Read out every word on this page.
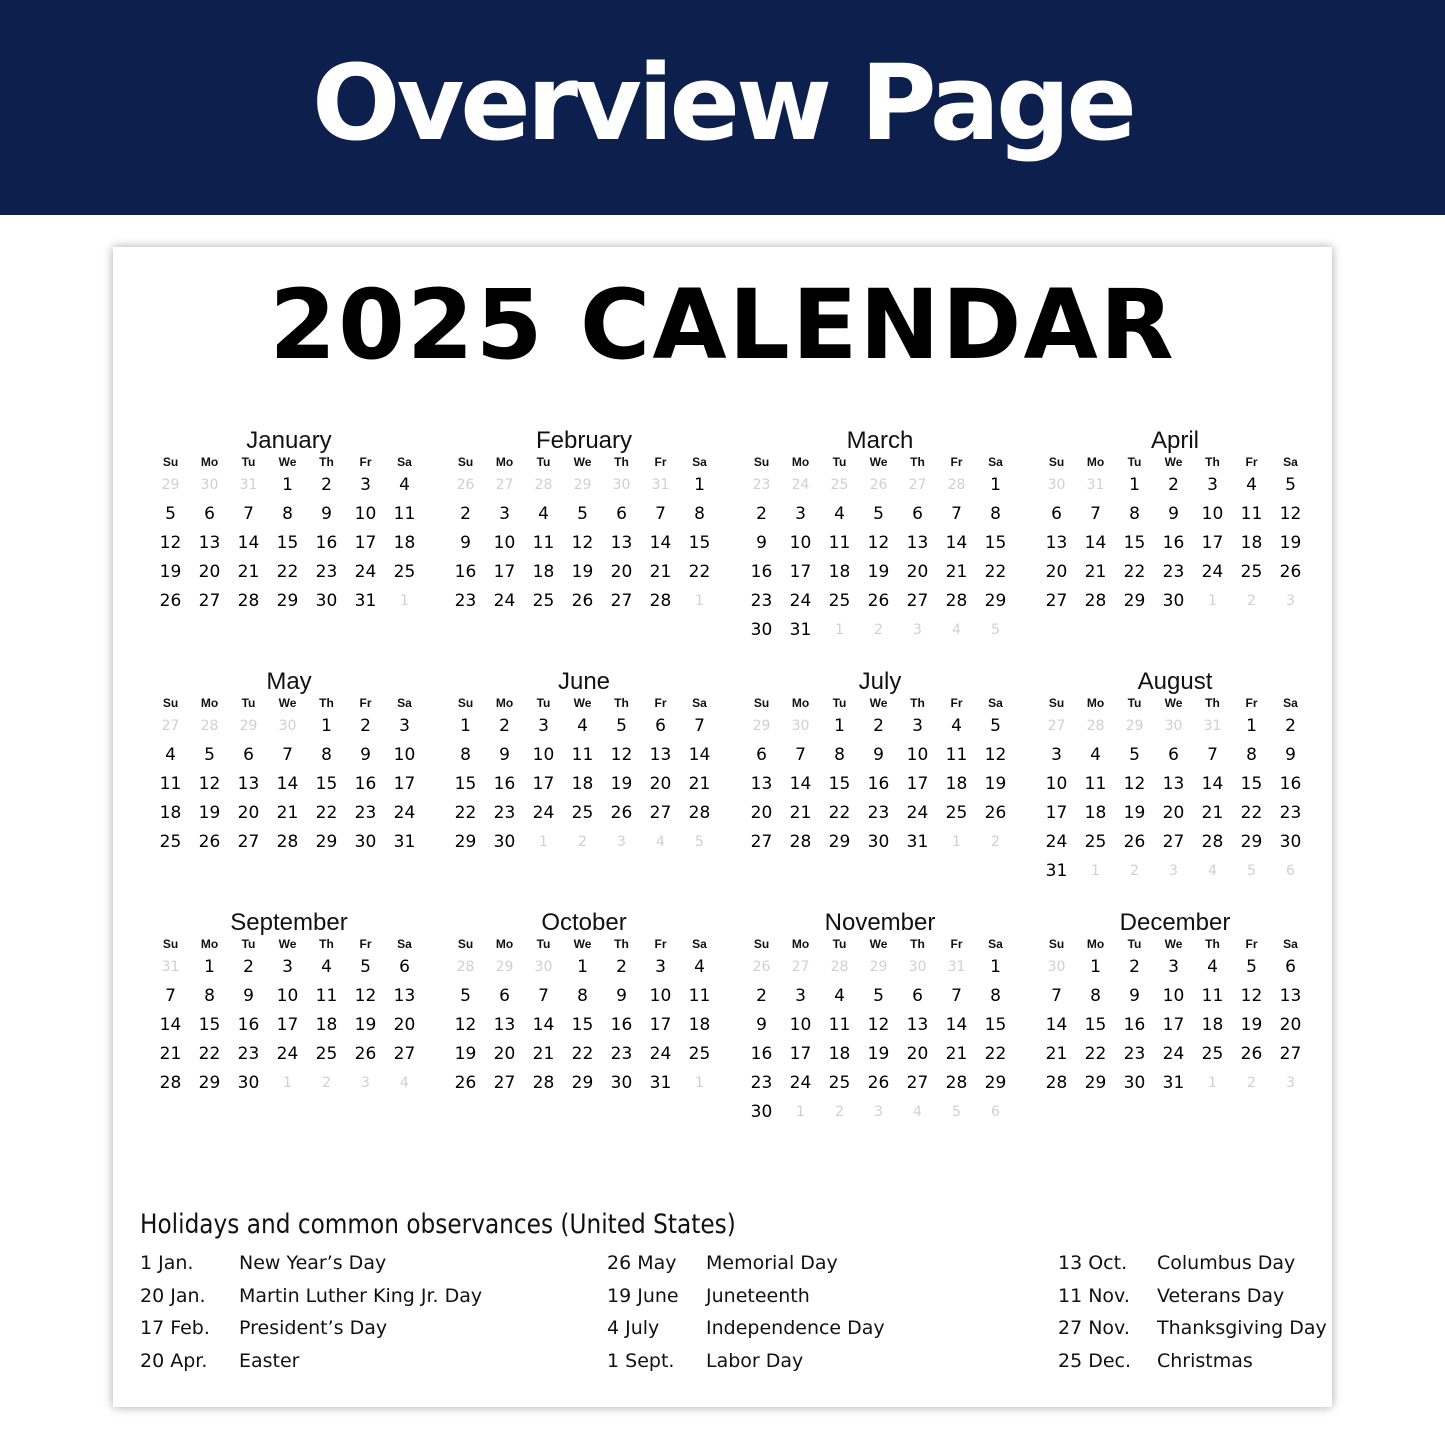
Overview Page
2025 CALENDAR
Holidays and common observances (United States)
January
Su	Mo	Tu	We	Th	Fr	Sa
29	30	31	1	2	3	4
5	6	7	8	9	10	11
12	13	14	15	16	17	18
19	20	21	22	23	24	25
26	27	28	29	30	31	1
February
Su	Mo	Tu	We	Th	Fr	Sa
26	27	28	29	30	31	1
2	3	4	5	6	7	8
9	10	11	12	13	14	15
16	17	18	19	20	21	22
23	24	25	26	27	28	1
March
Su	Mo	Tu	We	Th	Fr	Sa
23	24	25	26	27	28	1
2	3	4	5	6	7	8
9	10	11	12	13	14	15
16	17	18	19	20	21	22
23	24	25	26	27	28	29
30	31	1	2	3	4	5
April
Su	Mo	Tu	We	Th	Fr	Sa
30	31	1	2	3	4	5
6	7	8	9	10	11	12
13	14	15	16	17	18	19
20	21	22	23	24	25	26
27	28	29	30	1	2	3
May
Su	Mo	Tu	We	Th	Fr	Sa
27	28	29	30	1	2	3
4	5	6	7	8	9	10
11	12	13	14	15	16	17
18	19	20	21	22	23	24
25	26	27	28	29	30	31
June
Su	Mo	Tu	We	Th	Fr	Sa
1	2	3	4	5	6	7
8	9	10	11	12	13	14
15	16	17	18	19	20	21
22	23	24	25	26	27	28
29	30	1	2	3	4	5
July
Su	Mo	Tu	We	Th	Fr	Sa
29	30	1	2	3	4	5
6	7	8	9	10	11	12
13	14	15	16	17	18	19
20	21	22	23	24	25	26
27	28	29	30	31	1	2
August
Su	Mo	Tu	We	Th	Fr	Sa
27	28	29	30	31	1	2
3	4	5	6	7	8	9
10	11	12	13	14	15	16
17	18	19	20	21	22	23
24	25	26	27	28	29	30
31	1	2	3	4	5	6
September
Su	Mo	Tu	We	Th	Fr	Sa
31	1	2	3	4	5	6
7	8	9	10	11	12	13
14	15	16	17	18	19	20
21	22	23	24	25	26	27
28	29	30	1	2	3	4
October
Su	Mo	Tu	We	Th	Fr	Sa
28	29	30	1	2	3	4
5	6	7	8	9	10	11
12	13	14	15	16	17	18
19	20	21	22	23	24	25
26	27	28	29	30	31	1
November
Su	Mo	Tu	We	Th	Fr	Sa
26	27	28	29	30	31	1
2	3	4	5	6	7	8
9	10	11	12	13	14	15
16	17	18	19	20	21	22
23	24	25	26	27	28	29
30	1	2	3	4	5	6
December
Su	Mo	Tu	We	Th	Fr	Sa
30	1	2	3	4	5	6
7	8	9	10	11	12	13
14	15	16	17	18	19	20
21	22	23	24	25	26	27
28	29	30	31	1	2	3
1 Jan. New Year’s Day
20 Jan. Martin Luther King Jr. Day
17 Feb. President’s Day
20 Apr. Easter
26 May Memorial Day
19 June Juneteenth
4 July Independence Day
1 Sept. Labor Day
13 Oct. Columbus Day
11 Nov. Veterans Day
27 Nov. Thanksgiving Day
25 Dec. Christmas
